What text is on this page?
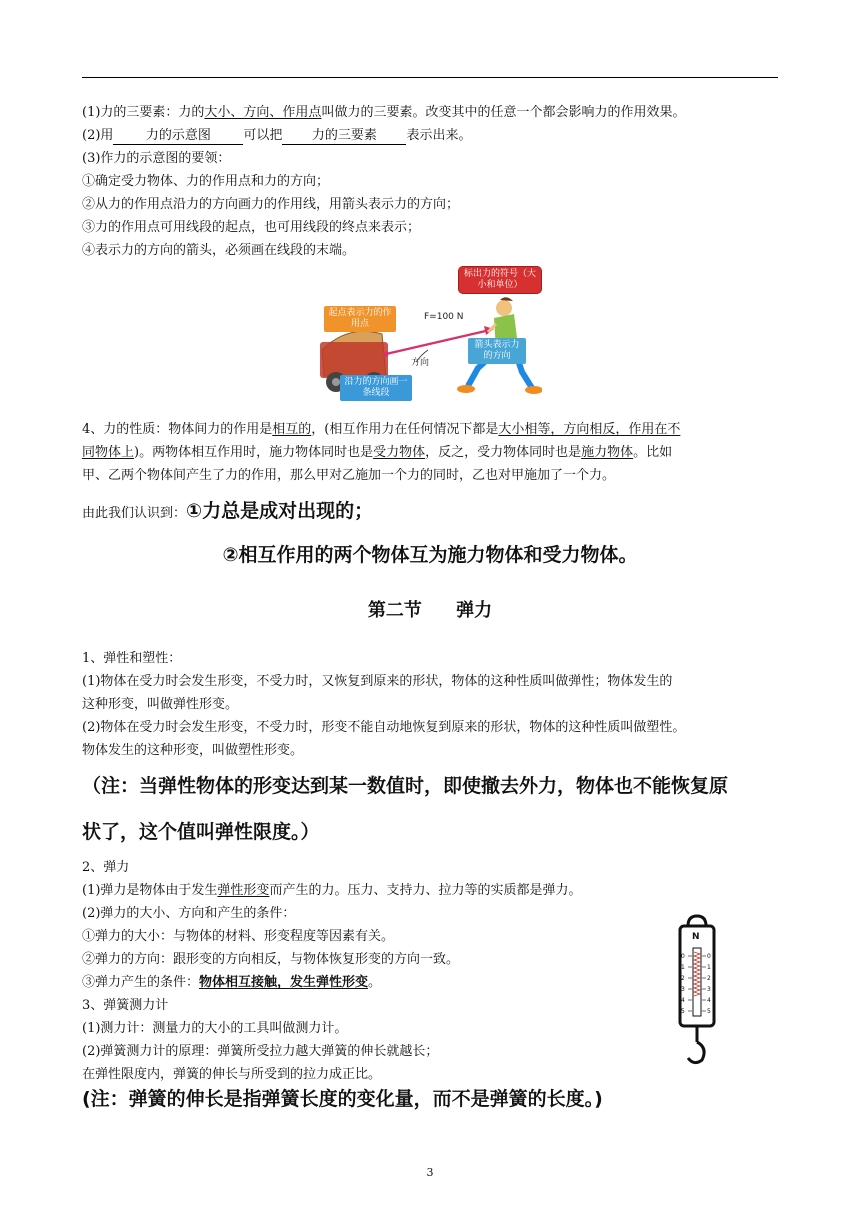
(1)力的三要素：力的大小、方向、作用点叫做力的三要素。改变其中的任意一个都会影响力的作用效果。
(2)用 力的示意图	可以把 力的三要素 表示出来。
(3)作力的示意图的要领：
①确定受力物体、力的作用点和力的方向；
②从力的作用点沿力的方向画力的作用线，用箭头表示力的方向；
③力的作用点可用线段的起点，也可用线段的终点来表示；
④表示力的方向的箭头，必须画在线段的末端。
标出力的符号（大小和单位）
起点表示力的作用点
F=100 N
方向
箭头表示力的方向
沿力的方向画一条线段
4、力的性质：物体间力的作用是相互的，(相互作用力在任何情况下都是大小相等，方向相反，作用在不
同物体上)。两物体相互作用时，施力物体同时也是受力物体，反之，受力物体同时也是施力物体。比如
甲、乙两个物体间产生了力的作用，那么甲对乙施加一个力的同时，乙也对甲施加了一个力。
由此我们认识到：①力总是成对出现的；
②相互作用的两个物体互为施力物体和受力物体。
第二节 弹力
1、弹性和塑性：
(1)物体在受力时会发生形变，不受力时，又恢复到原来的形状，物体的这种性质叫做弹性；物体发生的
这种形变，叫做弹性形变。
(2)物体在受力时会发生形变，不受力时，形变不能自动地恢复到原来的形状，物体的这种性质叫做塑性。
物体发生的这种形变，叫做塑性形变。
（注：当弹性物体的形变达到某一数值时，即使撤去外力，物体也不能恢复原
状了，这个值叫弹性限度。）
2、弹力
(1)弹力是物体由于发生弹性形变而产生的力。压力、支持力、拉力等的实质都是弹力。
(2)弹力的大小、方向和产生的条件：
①弹力的大小：与物体的材料、形变程度等因素有关。
②弹力的方向：跟形变的方向相反，与物体恢复形变的方向一致。
③弹力产生的条件：物体相互接触，发生弹性形变。
3、弹簧测力计
(1)测力计：测量力的大小的工具叫做测力计。
(2)弹簧测力计的原理：弹簧所受拉力越大弹簧的伸长就越长；
在弹性限度内，弹簧的伸长与所受到的拉力成正比。
(注：弹簧的伸长是指弹簧长度的变化量，而不是弹簧的长度。)
N
0
1
2
3
4
5
0
1
2
3
4
5
3
